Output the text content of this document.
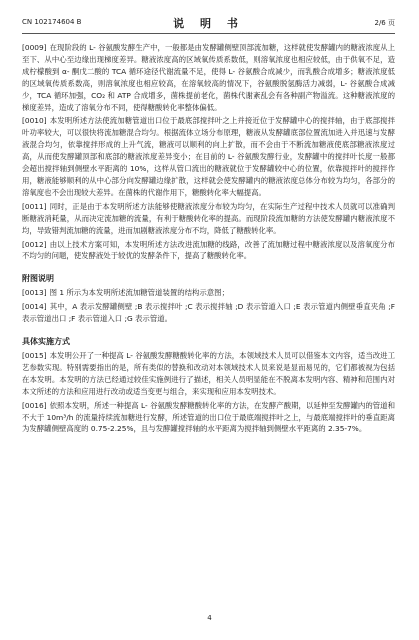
CN 102174604 B	说 明 书	2/6 页

[0009] 在现阶段的 L- 谷氨酸发酵生产中，一般都是由发酵罐侧壁顶部流加糖，这样就使发酵罐内的糖液浓度从上至下、从中心至边缘出现梯度差异。糖液浓度高的区域氧传质系数低，则溶氧浓度也相应较低，由于供氧不足，造成柠檬酸到 α- 酮戊二酸的 TCA 循环途径代谢流量不足，使得 L- 谷氨酸合成减少，而乳酸合成增多；糖液浓度低的区域氧传质系数高，则溶氧浓度也相应较高，在溶氧较高的情况下，谷氨酸脱氢酶活力减弱，L- 谷氨酸合成减少，TCA 循环加强，CO₂ 和 ATP 合成增多，菌株提前老化，菌株代谢紊乱会有各种副产物溢流。这种糖液浓度的梯度差异，造成了溶氧分布不同，使得糖酸转化率整体偏低。

[0010] 本发明所述方法使流加糖管道出口位于最底部搅拌叶之上并接近位于发酵罐中心的搅拌轴，由于底部搅拌叶功率较大，可以很快将流加糖混合均匀。根据流体立场分布原理，糖液从发酵罐底部位置流加进入并迅速与发酵液混合均匀，依靠搅拌形成的上升气流，糖液可以顺利的向上扩散，而不会由于不断流加糖液使底部糖液浓度过高，从而使发酵罐顶部和底部的糖液浓度差异变小；在目前的 L- 谷氨酸发酵行业，发酵罐中的搅拌叶长度一般都会超出搅拌轴到侧壁水平距离的 10%，这样从管口流出的糖液就位于发酵罐较中心的位置，依靠搅拌叶的搅拌作用，糖液能够顺利的从中心部分向发酵罐边缘扩散，这样就会使发酵罐内的糖液浓度总体分布较为均匀，各部分的溶氧度也不会出现较大差异。在菌株的代谢作用下，糖酸转化率大幅提高。

[0011] 同时，正是由于本发明所述方法能够使糖液浓度分布较为均匀，在实际生产过程中技术人员就可以准确判断糖液消耗量，从而决定流加糖的流量，有利于糖酸转化率的提高。而现阶段流加糖的方法使发酵罐内糖液浓度不均，导致错判流加糖的流量，进而加剧糖液浓度分布不均，降低了糖酸转化率。

[0012] 由以上技术方案可知，本发明所述方法改进流加糖的线路，改善了流加糖过程中糖液浓度以及溶氧度分布不均匀的问题，使发酵液处于较优的发酵条件下，提高了糖酸转化率。

附图说明

[0013] 图 1 所示为本发明所述流加糖管道装置的结构示意图；

[0014] 其中，A 表示发酵罐侧壁 ;B 表示搅拌叶 ;C 表示搅拌轴 ;D 表示管道入口 ;E 表示管道内侧壁垂直夹角 ;F 表示管道出口 ;F 表示管道入口 ;G 表示管道。

具体实施方式

[0015] 本发明公开了一种提高 L- 谷氨酸发酵糖酸转化率的方法，本领域技术人员可以借鉴本文内容，适当改进工艺参数实现。特别需要指出的是，所有类似的替换和改动对本领域技术人员来说是显而易见的，它们都被视为包括在本发明。本发明的方法已经通过较佳实施例进行了描述，相关人员明显能在不脱离本发明内容、精神和范围内对本文所述的方法和应用进行改动或适当变更与组合，来实现和应用本发明技术。

[0016] 依照本发明，所述一种提高 L- 谷氨酸发酵糖酸转化率的方法，在发酵产酸期，以延伸至发酵罐内的管道和不大于 10m³/h 的流量持续流加糖进行发酵，所述管道的出口位于最底端搅拌叶之上，与最底端搅拌叶的垂直距离为发酵罐侧壁高度的 0.75-2.25%，且与发酵罐搅拌轴的水平距离为搅拌轴到侧壁水平距离的 2.35-7%。

4
